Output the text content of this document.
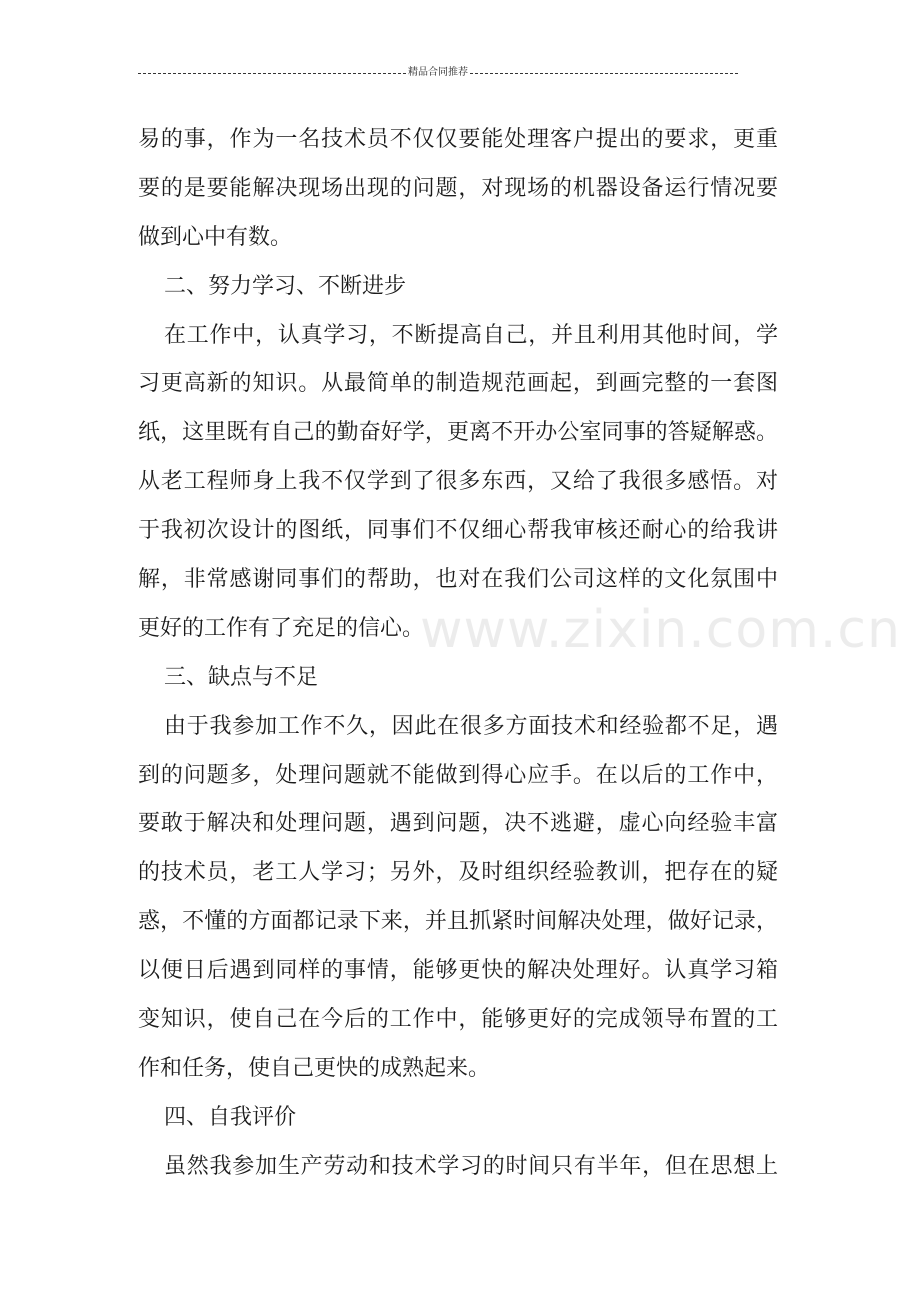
精品合同推荐
www.zixin.com.cn
易的事，作为一名技术员不仅仅要能处理客户提出的要求，更重
要的是要能解决现场出现的问题，对现场的机器设备运行情况要
做到心中有数。
二、努力学习、不断进步
在工作中，认真学习，不断提高自己，并且利用其他时间，学
习更高新的知识。从最简单的制造规范画起，到画完整的一套图
纸，这里既有自己的勤奋好学，更离不开办公室同事的答疑解惑。
从老工程师身上我不仅学到了很多东西，又给了我很多感悟。对
于我初次设计的图纸，同事们不仅细心帮我审核还耐心的给我讲
解，非常感谢同事们的帮助，也对在我们公司这样的文化氛围中
更好的工作有了充足的信心。
三、缺点与不足
由于我参加工作不久，因此在很多方面技术和经验都不足，遇
到的问题多，处理问题就不能做到得心应手。在以后的工作中，
要敢于解决和处理问题，遇到问题，决不逃避，虚心向经验丰富
的技术员，老工人学习；另外，及时组织经验教训，把存在的疑
惑，不懂的方面都记录下来，并且抓紧时间解决处理，做好记录，
以便日后遇到同样的事情，能够更快的解决处理好。认真学习箱
变知识，使自己在今后的工作中，能够更好的完成领导布置的工
作和任务，使自己更快的成熟起来。
四、自我评价
虽然我参加生产劳动和技术学习的时间只有半年，但在思想上
